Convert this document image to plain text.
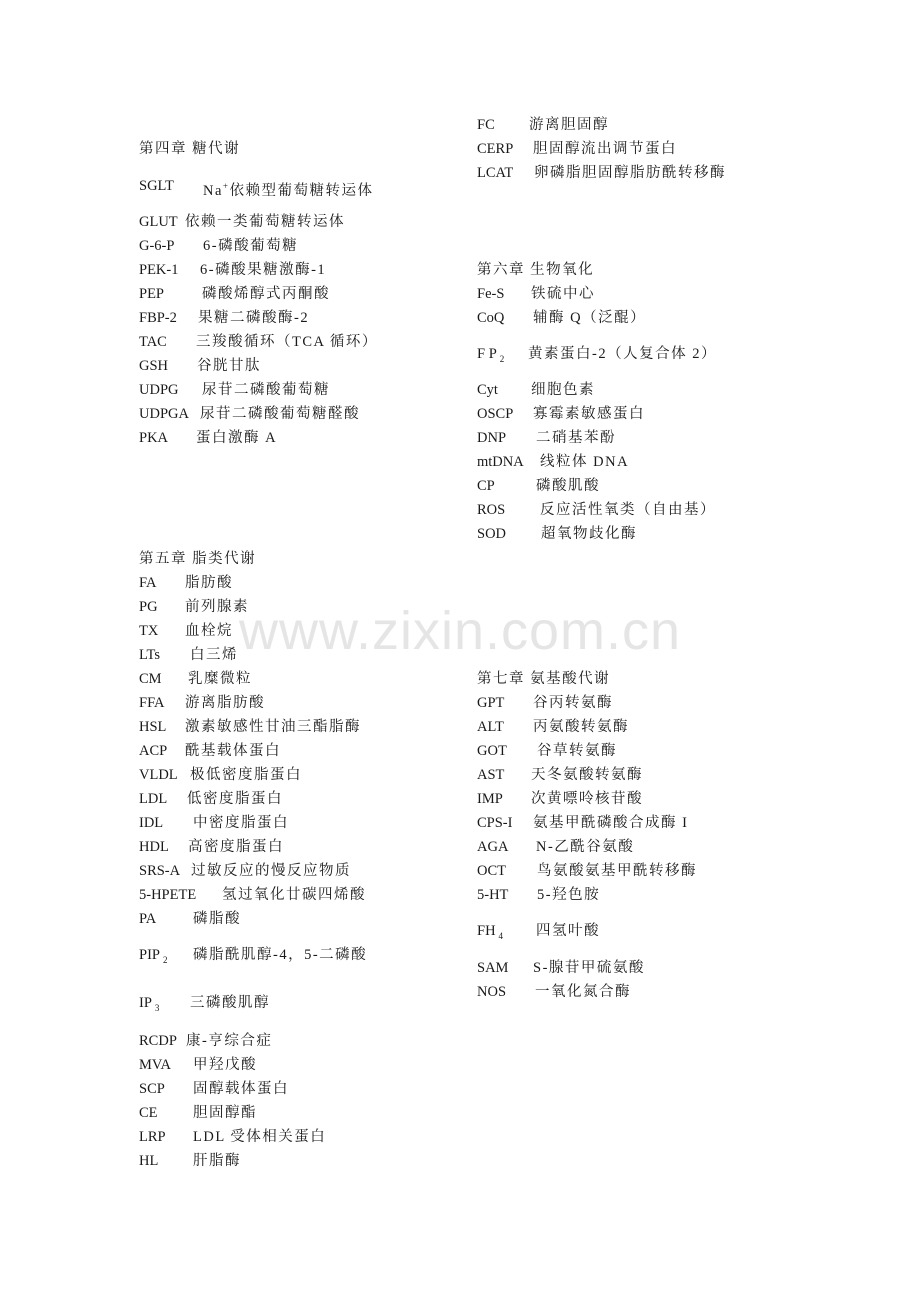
www.zixin.com.cn
第四章 糖代谢
SGLT Na+依赖型葡萄糖转运体
GLUT 依赖一类葡萄糖转运体
G-6-P 6-磷酸葡萄糖
PEK-1 6-磷酸果糖激酶-1
PEP	磷酸烯醇式丙酮酸
FBP-2 果糖二磷酸酶-2
TAC 三羧酸循环（TCA 循环）
GSH 谷胱甘肽
UDPG 尿苷二磷酸葡萄糖
UDPGA 尿苷二磷酸葡萄糖醛酸
PKA 蛋白激酶 A
第五章 脂类代谢
FA 脂肪酸
PG 前列腺素
TX 血栓烷
LTs 白三烯
CM 乳糜微粒
FFA 游离脂肪酸
HSL 激素敏感性甘油三酯脂酶
ACP 酰基载体蛋白
VLDL 极低密度脂蛋白
LDL 低密度脂蛋白
IDL 中密度脂蛋白
HDL 高密度脂蛋白
SRS-A 过敏反应的慢反应物质
5-HPETE 氢过氧化廿碳四烯酸
PA	磷脂酸
PIP $_2$ 磷脂酰肌醇-4，5-二磷酸
IP $_3$ 三磷酸肌醇
RCDP 康-亨综合症
MVA 甲羟戊酸
SCP 固醇载体蛋白
CE 胆固醇酯
LRP LDL 受体相关蛋白
HL 肝脂酶
FC 游离胆固醇
CERP 胆固醇流出调节蛋白
LCAT 卵磷脂胆固醇脂肪酰转移酶
第六章 生物氧化
Fe-S 铁硫中心
CoQ 辅酶 Q（泛醌）
F P $_2$ 黄素蛋白-2（人复合体 2）
Cyt 细胞色素
OSCP 寡霉素敏感蛋白
DNP 二硝基苯酚
mtDNA 线粒体 DNA
CP	磷酸肌酸
ROS 反应活性氧类（自由基）
SOD 超氧物歧化酶
第七章 氨基酸代谢
GPT 谷丙转氨酶
ALT 丙氨酸转氨酶
GOT 谷草转氨酶
AST 天冬氨酸转氨酶
IMP 次黄嘌呤核苷酸
CPS-I 氨基甲酰磷酸合成酶 I
AGA N-乙酰谷氨酸
OCT 鸟氨酸氨基甲酰转移酶
5-HT 5-羟色胺
FH $_4$ 四氢叶酸
SAM S-腺苷甲硫氨酸
NOS 一氧化氮合酶
